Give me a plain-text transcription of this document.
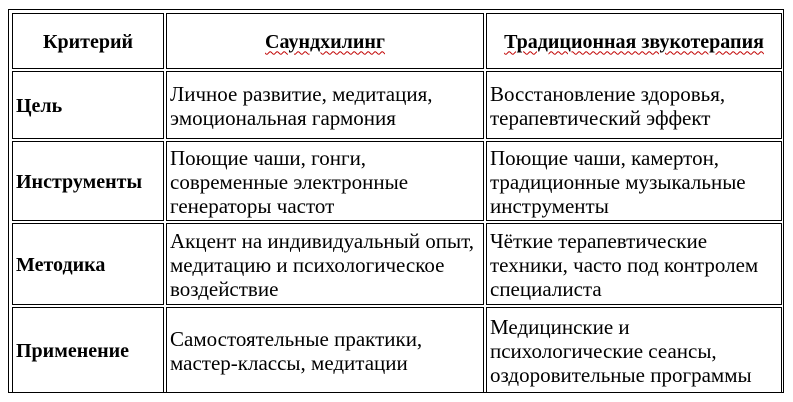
Критерий	Саундхилинг	Традиционная звукотерапия
Цель	Личное развитие, медитация, эмоциональная гармония	Восстановление здоровья, терапевтический эффект
Инструменты	Поющие чаши, гонги, современные электронные генераторы частот	Поющие чаши, камертон, традиционные музыкальные инструменты
Методика	Акцент на индивидуальный опыт, медитацию и психологическое воздействие	Чёткие терапевтические техники, часто под контролем специалиста
Применение	Самостоятельные практики, мастер-классы, медитации	Медицинские и психологические сеансы, оздоровительные программы
